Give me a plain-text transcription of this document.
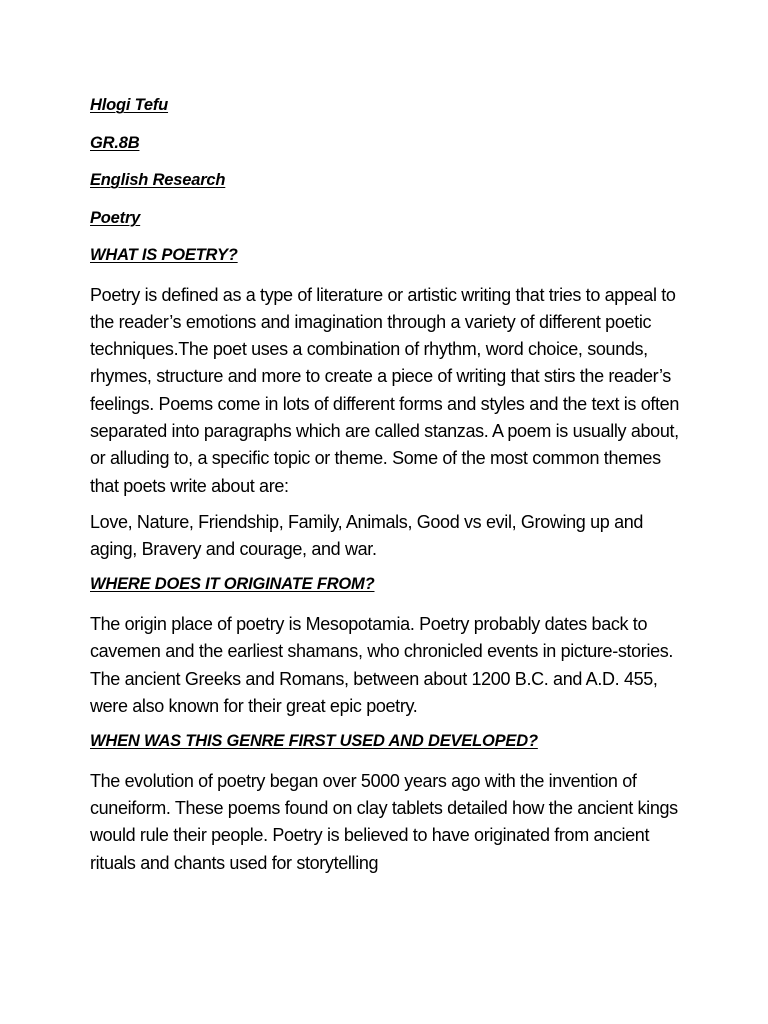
Hlogi Tefu
GR.8B
English Research
Poetry
WHAT IS POETRY?

Poetry is defined as a type of literature or artistic writing that tries to appeal to the reader’s emotions and imagination through a variety of different poetic techniques.The poet uses a combination of rhythm, word choice, sounds, rhymes, structure and more to create a piece of writing that stirs the reader’s feelings. Poems come in lots of different forms and styles and the text is often separated into paragraphs which are called stanzas. A poem is usually about, or alluding to, a specific topic or theme. Some of the most common themes that poets write about are:

Love, Nature, Friendship, Family, Animals, Good vs evil, Growing up and aging, Bravery and courage, and war.

WHERE DOES IT ORIGINATE FROM?

The origin place of poetry is Mesopotamia. Poetry probably dates back to cavemen and the earliest shamans, who chronicled events in picture-stories. The ancient Greeks and Romans, between about 1200 B.C. and A.D. 455, were also known for their great epic poetry.

WHEN WAS THIS GENRE FIRST USED AND DEVELOPED?

The evolution of poetry began over 5000 years ago with the invention of cuneiform. These poems found on clay tablets detailed how the ancient kings would rule their people. Poetry is believed to have originated from ancient rituals and chants used for storytelling
